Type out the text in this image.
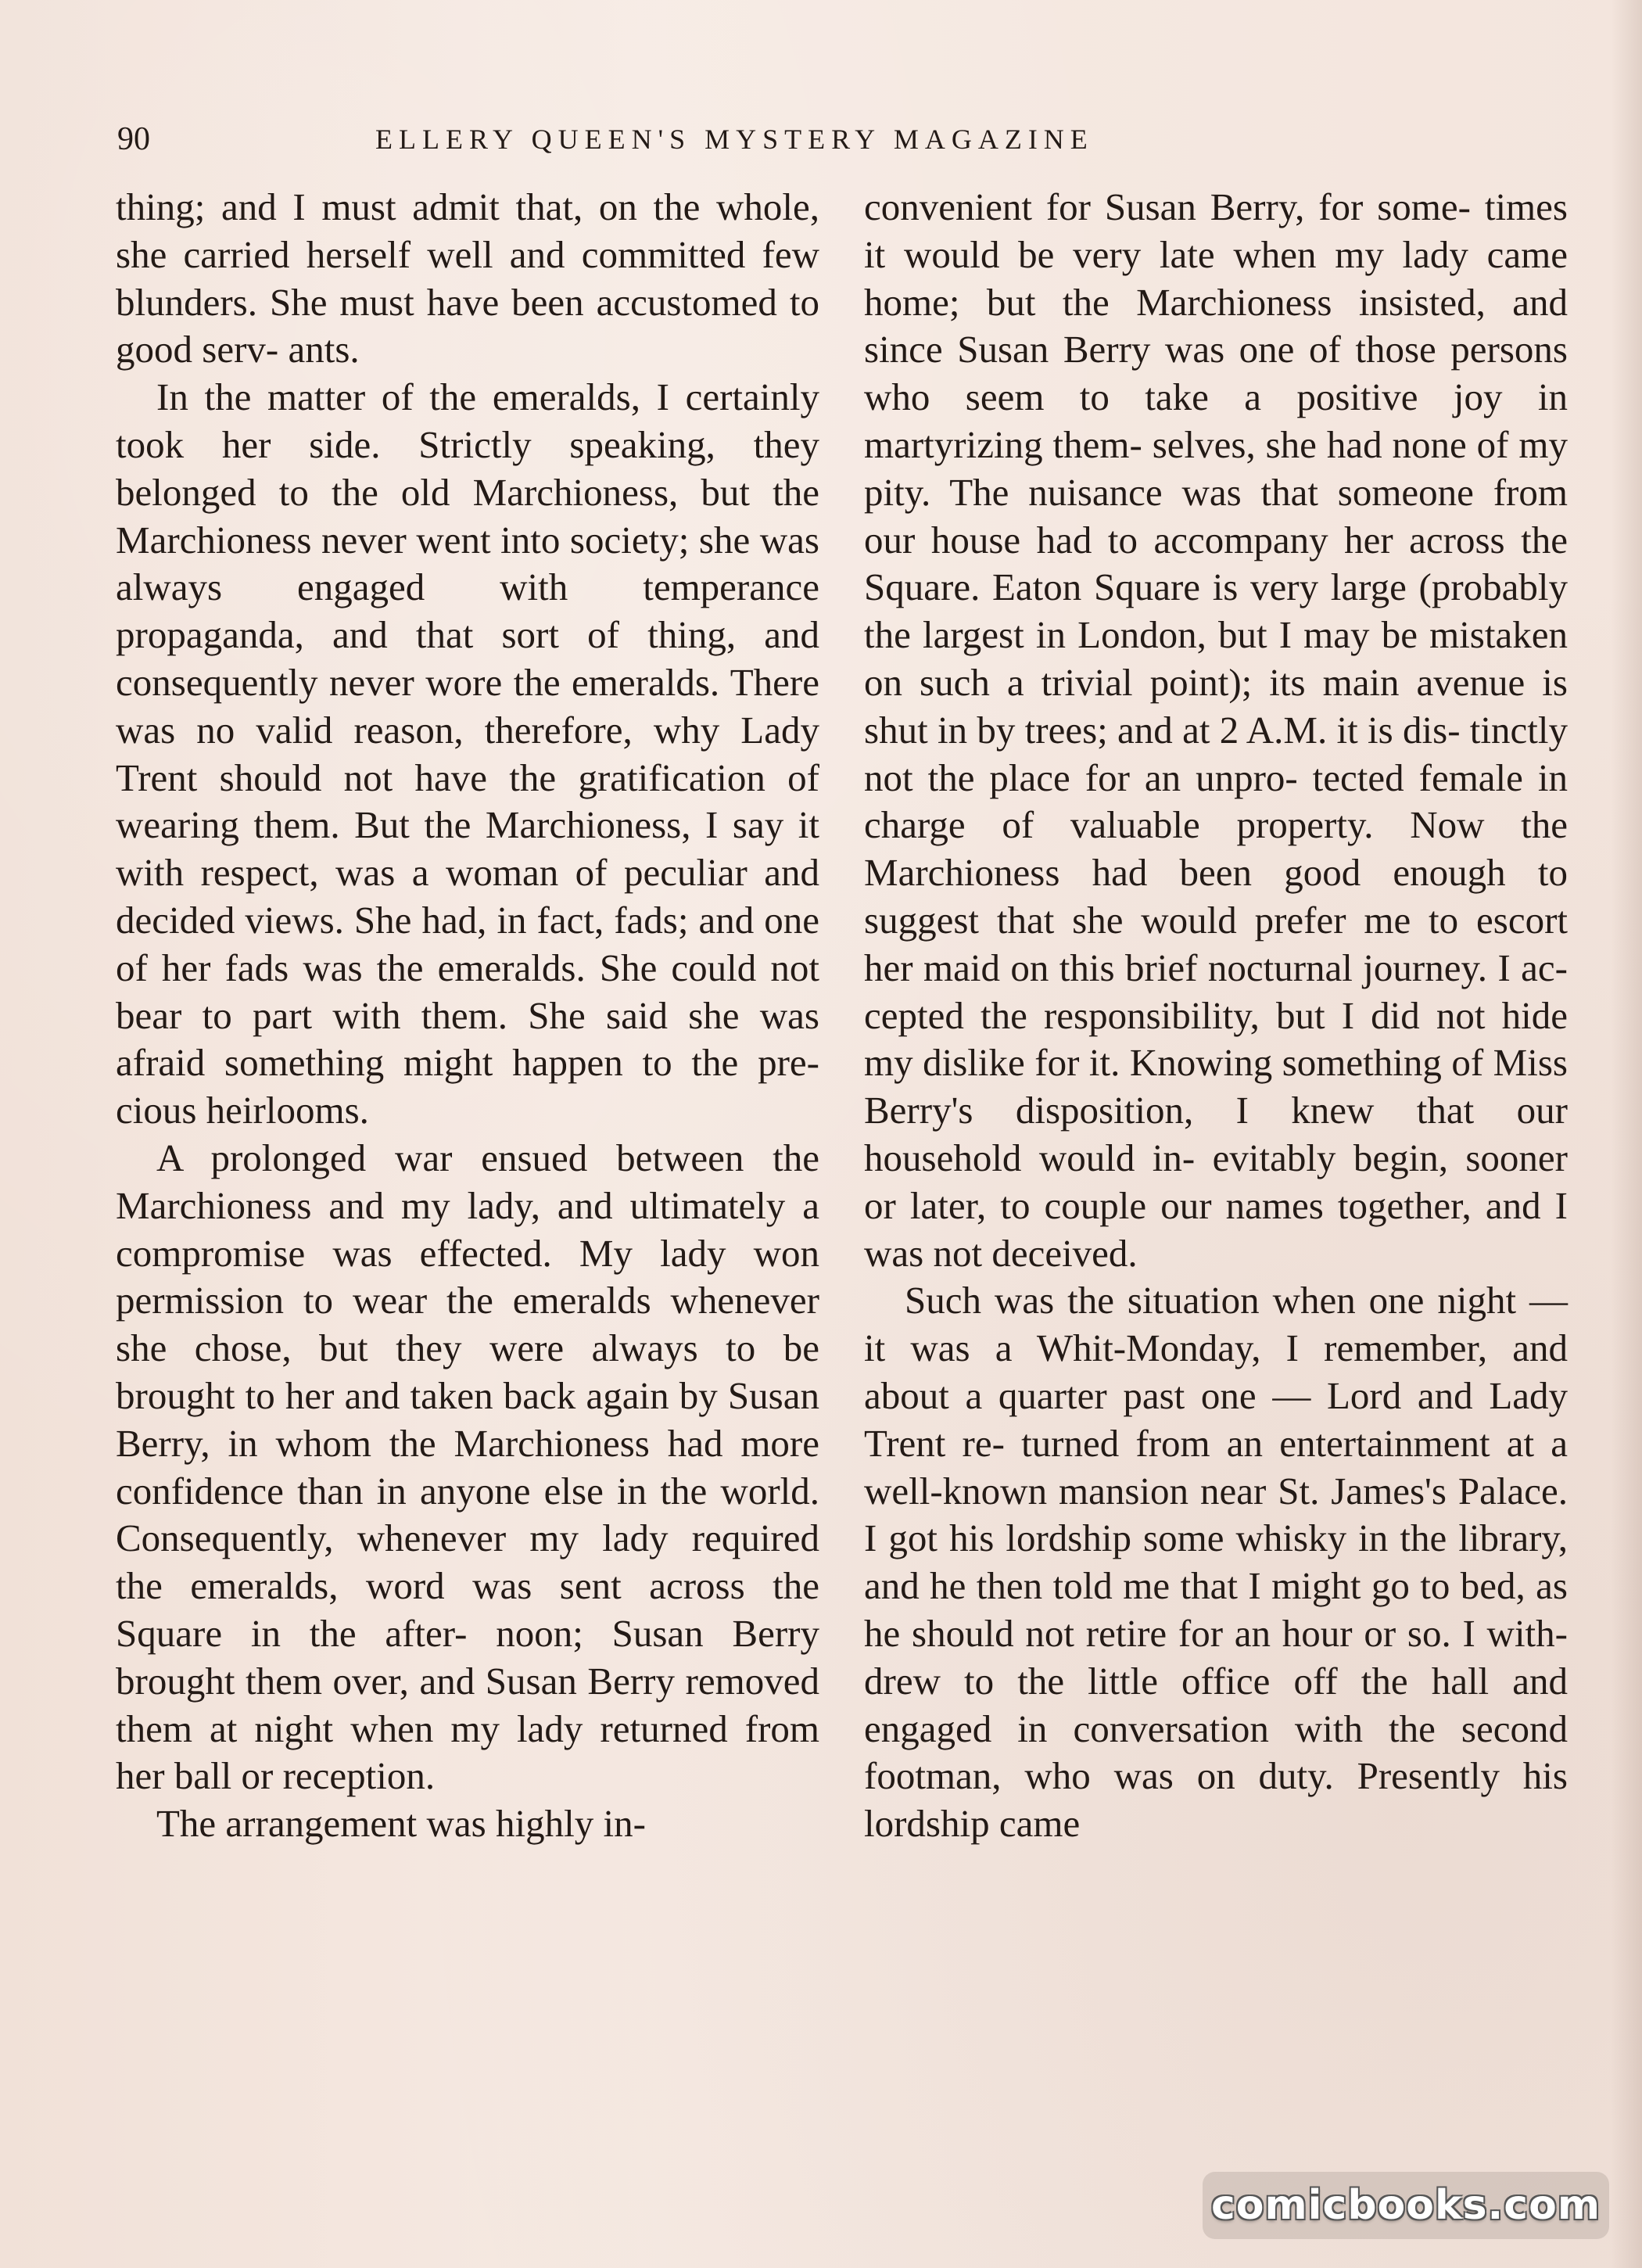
90	ELLERY QUEEN'S MYSTERY MAGAZINE

thing; and I must admit that, on the whole, she carried herself well and committed few blunders. She must have been accustomed to good serv- ants.

In the matter of the emeralds, I certainly took her side. Strictly speaking, they belonged to the old Marchioness, but the Marchioness never went into society; she was always engaged with temperance propaganda, and that sort of thing, and consequently never wore the emeralds. There was no valid reason, therefore, why Lady Trent should not have the gratification of wearing them. But the Marchioness, I say it with respect, was a woman of peculiar and decided views. She had, in fact, fads; and one of her fads was the emeralds. She could not bear to part with them. She said she was afraid something might happen to the pre- cious heirlooms.

A prolonged war ensued between the Marchioness and my lady, and ultimately a compromise was effected. My lady won permission to wear the emeralds whenever she chose, but they were always to be brought to her and taken back again by Susan Berry, in whom the Marchioness had more confidence than in anyone else in the world. Consequently, whenever my lady required the emeralds, word was sent across the Square in the after- noon; Susan Berry brought them over, and Susan Berry removed them at night when my lady returned from her ball or reception.

The arrangement was highly in-

convenient for Susan Berry, for some- times it would be very late when my lady came home; but the Marchioness insisted, and since Susan Berry was one of those persons who seem to take a positive joy in martyrizing them- selves, she had none of my pity. The nuisance was that someone from our house had to accompany her across the Square. Eaton Square is very large (probably the largest in London, but I may be mistaken on such a trivial point); its main avenue is shut in by trees; and at 2 A.M. it is dis- tinctly not the place for an unpro- tected female in charge of valuable property. Now the Marchioness had been good enough to suggest that she would prefer me to escort her maid on this brief nocturnal journey. I ac- cepted the responsibility, but I did not hide my dislike for it. Knowing something of Miss Berry's disposition, I knew that our household would in- evitably begin, sooner or later, to couple our names together, and I was not deceived.

Such was the situation when one night — it was a Whit-Monday, I remember, and about a quarter past one — Lord and Lady Trent re- turned from an entertainment at a well-known mansion near St. James's Palace. I got his lordship some whisky in the library, and he then told me that I might go to bed, as he should not retire for an hour or so. I with- drew to the little office off the hall and engaged in conversation with the second footman, who was on duty. Presently his lordship came

comicbooks.com
